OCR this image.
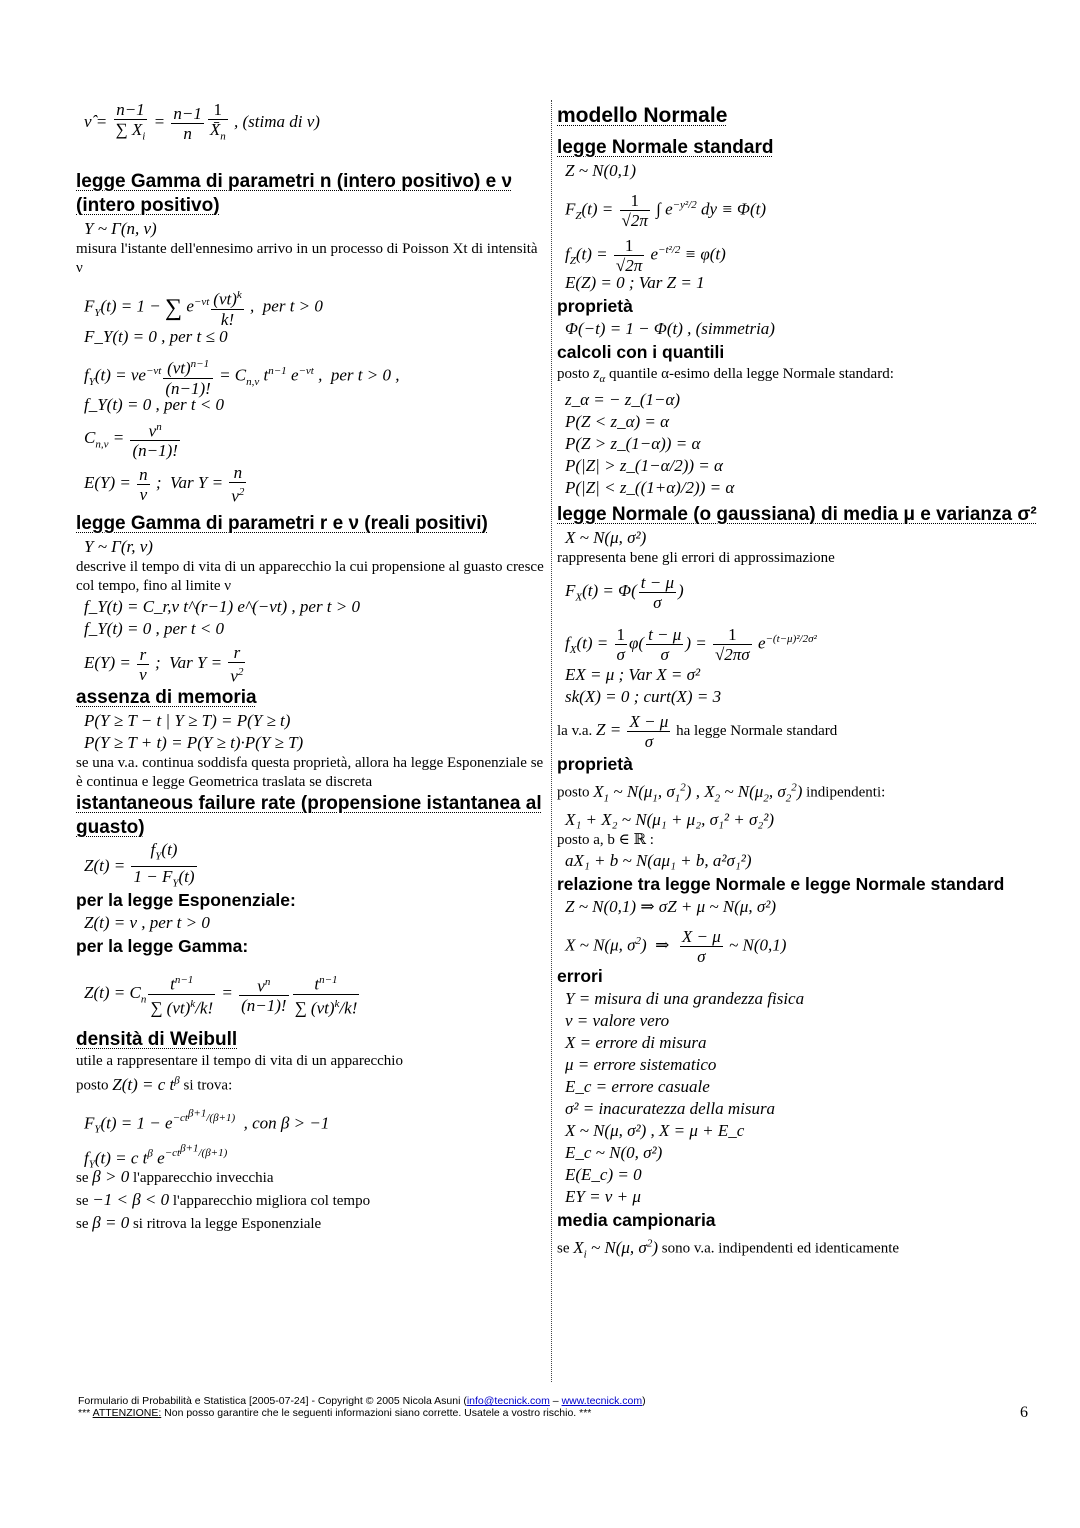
ν̂ = $\frac{n-1}{\sum X_i} = \frac{n-1}{n} \frac{1}{X̄_n}$ , (stima di ν)
legge Gamma di parametri n (intero positivo) e ν (intero positivo)
Y ~ Γ(n, ν)

misura l'istante dell'ennesimo arrivo in un processo di Poisson Xt di intensità ν

$F_Y(t) = 1$ − ∑ $e^{-\nu t} \frac{(\nu t)^k}{k!}$ ,  per t > 0
F_Y(t) = 0 , per t ≤ 0
$f_Y(t) = \nu e^{-\nu t} \frac{(\nu t)^{n-1}}{(n-1)!} = C_{n,\nu}$ $t^{n-1}$ $e^{-\nu t}$ ,  per t > 0 ,
f_Y(t) = 0 , per t < 0
$C_{n,\nu} = \frac{\nu^n}{(n-1)!}$
$E(Y) = \frac{n}{\nu}$ ;  Var $Y = \frac{n}{\nu^2}$
legge Gamma di parametri r e ν (reali positivi)
Y ~ Γ(r, ν)

descrive il tempo di vita di un apparecchio la cui propensione al guasto cresce col tempo, fino al limite ν

f_Y(t) = C_r,ν t^(r−1) e^(−νt) , per t > 0
f_Y(t) = 0 , per t < 0
$E(Y) = \frac{r}{\nu}$ ;  Var $Y = \frac{r}{\nu^2}$
assenza di memoria
P(Y ≥ T − t | Y ≥ T) = P(Y ≥ t)
P(Y ≥ T + t) = P(Y ≥ t)·P(Y ≥ T)

se una v.a. continua soddisfa questa proprietà, allora ha legge Esponenziale se è continua e legge Geometrica traslata se discreta

istantaneous failure rate (propensione istantanea al guasto)
$Z(t) = \frac{f_Y(t)}{1 - F_Y(t)}$
per la legge Esponenziale:
Z(t) = ν , per t > 0
per la legge Gamma:
$Z(t) = C_n \frac{t^{n-1}}{\sum (\nu t)^k/k!} = \frac{\nu^n}{(n-1)!} \frac{t^{n-1}}{\sum (\nu t)^k/k!}$
densità di Weibull

utile a rappresentare il tempo di vita di un apparecchio

posto Z(t) = c $t^\beta$ si trova:

$F_Y(t) = 1 - e^{-ct^{\beta+1}/(\beta+1)}$ , con β > −1
$f_Y(t) = c$ $t^\beta$ $e^{-ct^{\beta+1}/(\beta+1)}$

se β > 0 l'apparecchio invecchia

se −1 < β < 0 l'apparecchio migliora col tempo

se β = 0 si ritrova la legge Esponenziale

modello Normale
legge Normale standard
Z ~ N(0,1)
$F_Z(t) = \frac{1}{√2\pi}$ ∫ $e^{-y^2/2}$ dy ≡ Φ(t)
$f_Z(t) = \frac{1}{√2\pi} e^{-t^2/2} \equiv \varphi(t)$
E(Z) = 0 ; Var Z = 1
proprietà
Φ(−t) = 1 − Φ(t) , (simmetria)
calcoli con i quantili

posto $z_\alpha$ quantile α-esimo della legge Normale standard:

z_α = − z_(1−α)
P(Z < z_α) = α
P(Z > z_(1−α)) = α
P(|Z| > z_(1−α/2)) = α
P(|Z| < z_((1+α)/2)) = α
legge Normale (o gaussiana) di media μ e varianza σ²
X ~ N(μ, σ²)

rappresenta bene gli errori di approssimazione

$F_X(t) = \Phi( \frac{t - \mu}{\sigma}$ )
$f_X(t) = \frac{1}{\sigma} \varphi( \frac{t - \mu}{\sigma}$ ) = $\frac{1}{√2\pi\sigma} e^{-(t-\mu)^2/2\sigma^2}$
EX = μ ; Var X = σ²
sk(X) = 0 ; curt(X) = 3

la v.a. $Z = \frac{X - \mu}{\sigma}$ ha legge Normale standard

proprietà

posto $X_1$ ~ $N(\mu_1$, $\sigma_1^2$) , $X_2$ ~ $N(\mu_2$, $\sigma_2^2$) indipendenti:

X₁ + X₂ ~ N(μ₁ + μ₂, σ₁² + σ₂²)

posto a, b ∈ ℝ :

aX₁ + b ~ N(aμ₁ + b, a²σ₁²)
relazione tra legge Normale e legge Normale standard
Z ~ N(0,1) ⇒ σZ + μ ~ N(μ, σ²)
X ~ N(μ, $\sigma^2$)  ⇒ $\frac{X - \mu}{\sigma}$ ~ N(0,1)
errori
Y = misura di una grandezza fisica
ν = valore vero
X = errore di misura
μ = errore sistematico
E_c = errore casuale
σ² = inacuratezza della misura
X ~ N(μ, σ²) , X = μ + E_c
E_c ~ N(0, σ²)
E(E_c) = 0
EY = ν + μ
media campionaria

se $X_i$ ~ N(μ, $\sigma^2$) sono v.a. indipendenti ed identicamente

Formulario di Probabilità e Statistica [2005-07-24] - Copyright © 2005 Nicola Asuni (info@tecnick.com – www.tecnick.com)
*** ATTENZIONE: Non posso garantire che le seguenti informazioni siano corrette. Usatele a vostro rischio. ***	6
